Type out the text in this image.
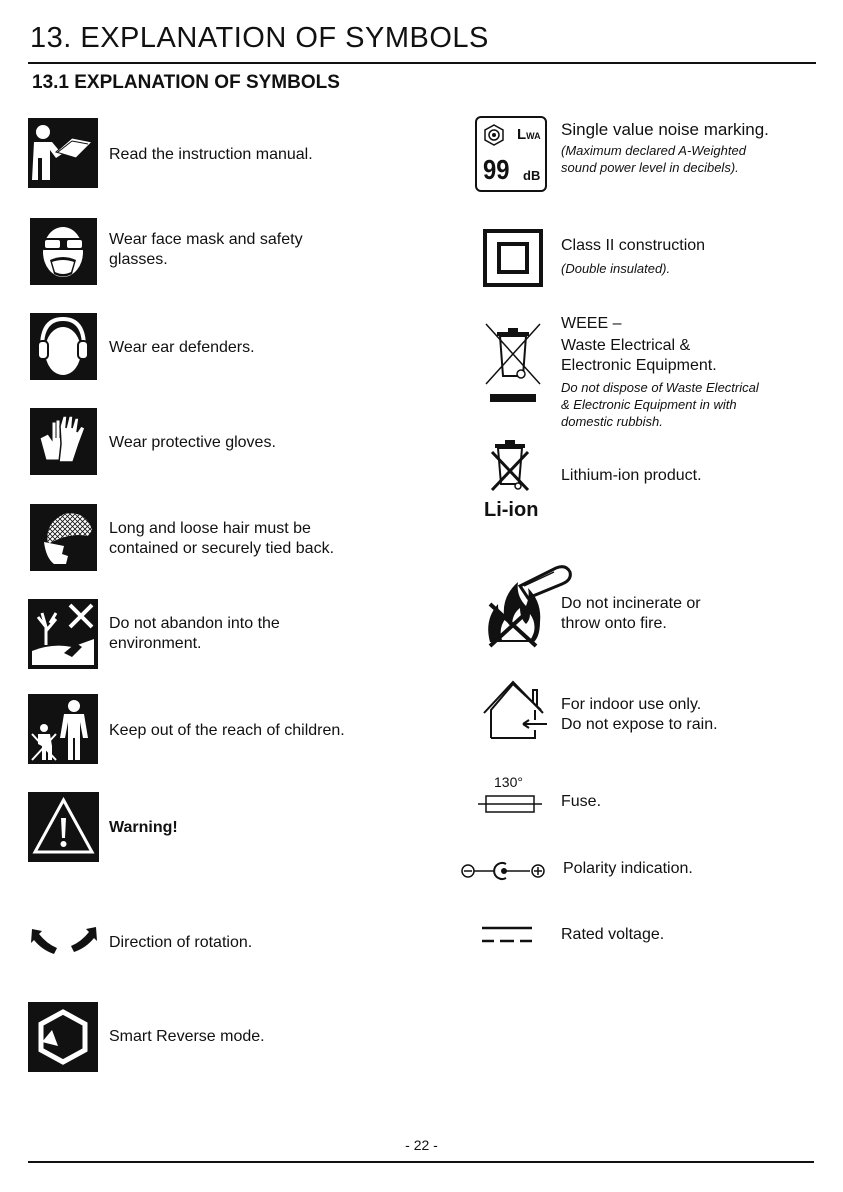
13. EXPLANATION OF SYMBOLS
13.1 EXPLANATION OF SYMBOLS
Read the instruction manual.
Wear face mask and safety
glasses.
Wear ear defenders.
Wear protective gloves.
Long and loose hair must be
contained or securely tied back.
Do not abandon into the
environment.
Keep out of the reach of children.
Warning!
Direction of rotation.
Smart Reverse mode.
LWA
99 dB
Single value noise marking.
(Maximum declared A-Weighted
sound power level in decibels).
Class II construction
(Double insulated).
WEEE –
Waste Electrical &
Electronic Equipment.
Do not dispose of Waste Electrical
& Electronic Equipment in with
domestic rubbish.
Li-ion
Lithium-ion product.
Do not incinerate or
throw onto fire.
For indoor use only.
Do not expose to rain.
130°
Fuse.
Polarity indication.
Rated voltage.
- 22 -
